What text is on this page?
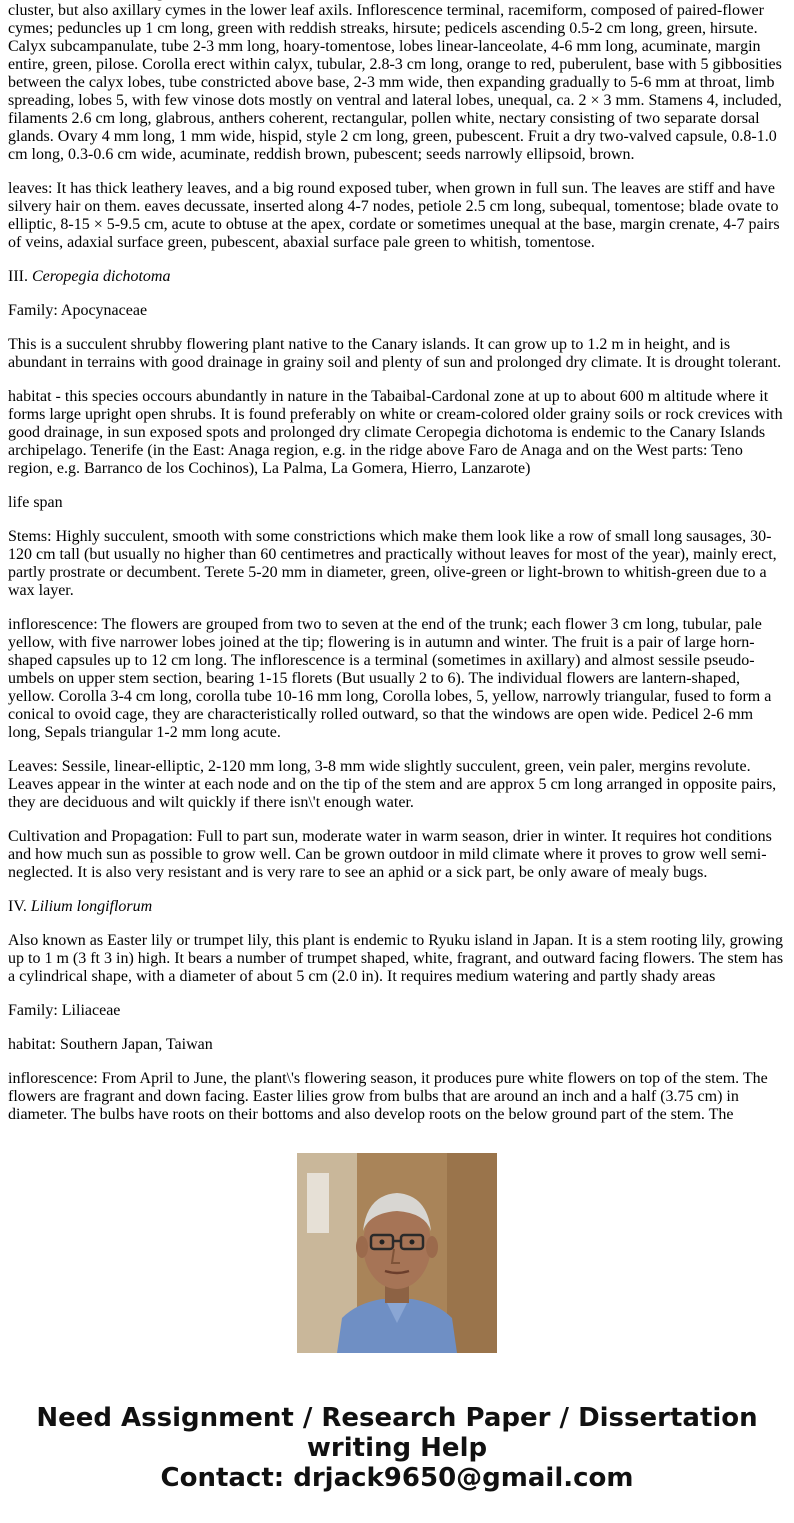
cluster, but also axillary cymes in the lower leaf axils. Inflorescence terminal, racemiform, composed of paired-flower cymes; peduncles up 1 cm long, green with reddish streaks, hirsute; pedicels ascending 0.5-2 cm long, green, hirsute. Calyx subcampanulate, tube 2-3 mm long, hoary-tomentose, lobes linear-lanceolate, 4-6 mm long, acuminate, margin entire, green, pilose. Corolla erect within calyx, tubular, 2.8-3 cm long, orange to red, puberulent, base with 5 gibbosities between the calyx lobes, tube constricted above base, 2-3 mm wide, then expanding gradually to 5-6 mm at throat, limb spreading, lobes 5, with few vinose dots mostly on ventral and lateral lobes, unequal, ca. 2 × 3 mm. Stamens 4, included, filaments 2.6 cm long, glabrous, anthers coherent, rectangular, pollen white, nectary consisting of two separate dorsal glands. Ovary 4 mm long, 1 mm wide, hispid, style 2 cm long, green, pubescent. Fruit a dry two-valved capsule, 0.8-1.0 cm long, 0.3-0.6 cm wide, acuminate, reddish brown, pubescent; seeds narrowly ellipsoid, brown.

leaves: It has thick leathery leaves, and a big round exposed tuber, when grown in full sun. The leaves are stiff and have silvery hair on them. eaves decussate, inserted along 4-7 nodes, petiole 2.5 cm long, subequal, tomentose; blade ovate to elliptic, 8-15 × 5-9.5 cm, acute to obtuse at the apex, cordate or sometimes unequal at the base, margin crenate, 4-7 pairs of veins, adaxial surface green, pubescent, abaxial surface pale green to whitish, tomentose.

III. Ceropegia dichotoma

Family: Apocynaceae

This is a succulent shrubby flowering plant native to the Canary islands. It can grow up to 1.2 m in height, and is abundant in terrains with good drainage in grainy soil and plenty of sun and prolonged dry climate. It is drought tolerant.

habitat - this species occours abundantly in nature in the Tabaibal-Cardonal zone at up to about 600 m altitude where it forms large upright open shrubs. It is found preferably on white or cream-colored older grainy soils or rock crevices with good drainage, in sun exposed spots and prolonged dry climate Ceropegia dichotoma is endemic to the Canary Islands archipelago. Tenerife (in the East: Anaga region, e.g. in the ridge above Faro de Anaga and on the West parts: Teno region, e.g. Barranco de los Cochinos), La Palma, La Gomera, Hierro, Lanzarote)

life span

Stems: Highly succulent, smooth with some constrictions which make them look like a row of small long sausages, 30-120 cm tall (but usually no higher than 60 centimetres and practically without leaves for most of the year), mainly erect, partly prostrate or decumbent. Terete 5-20 mm in diameter, green, olive-green or light-brown to whitish-green due to a wax layer.

inflorescence: The flowers are grouped from two to seven at the end of the trunk; each flower 3 cm long, tubular, pale yellow, with five narrower lobes joined at the tip; flowering is in autumn and winter. The fruit is a pair of large horn-shaped capsules up to 12 cm long. The inflorescence is a terminal (sometimes in axillary) and almost sessile pseudo-umbels on upper stem section, bearing 1-15 florets (But usually 2 to 6). The individual flowers are lantern-shaped, yellow. Corolla 3-4 cm long, corolla tube 10-16 mm long, Corolla lobes, 5, yellow, narrowly triangular, fused to form a conical to ovoid cage, they are characteristically rolled outward, so that the windows are open wide. Pedicel 2-6 mm long, Sepals triangular 1-2 mm long acute.

Leaves: Sessile, linear-elliptic, 2-120 mm long, 3-8 mm wide slightly succulent, green, vein paler, mergins revolute. Leaves appear in the winter at each node and on the tip of the stem and are approx 5 cm long arranged in opposite pairs, they are deciduous and wilt quickly if there isn\'t enough water.

Cultivation and Propagation: Full to part sun, moderate water in warm season, drier in winter. It requires hot conditions and how much sun as possible to grow well. Can be grown outdoor in mild climate where it proves to grow well semi-neglected. It is also very resistant and is very rare to see an aphid or a sick part, be only aware of mealy bugs.

IV. Lilium longiflorum

Also known as Easter lily or trumpet lily, this plant is endemic to Ryuku island in Japan. It is a stem rooting lily, growing up to 1 m (3 ft 3 in) high. It bears a number of trumpet shaped, white, fragrant, and outward facing flowers. The stem has a cylindrical shape, with a diameter of about 5 cm (2.0 in). It requires medium watering and partly shady areas

Family: Liliaceae

habitat: Southern Japan, Taiwan

inflorescence: From April to June, the plant\'s flowering season, it produces pure white flowers on top of the stem. The flowers are fragrant and down facing. Easter lilies grow from bulbs that are around an inch and a half (3.75 cm) in diameter. The bulbs have roots on their bottoms and also develop roots on the below ground part of the stem. The

Need Assignment / Research Paper / Dissertation
writing Help
Contact: drjack9650@gmail.com
